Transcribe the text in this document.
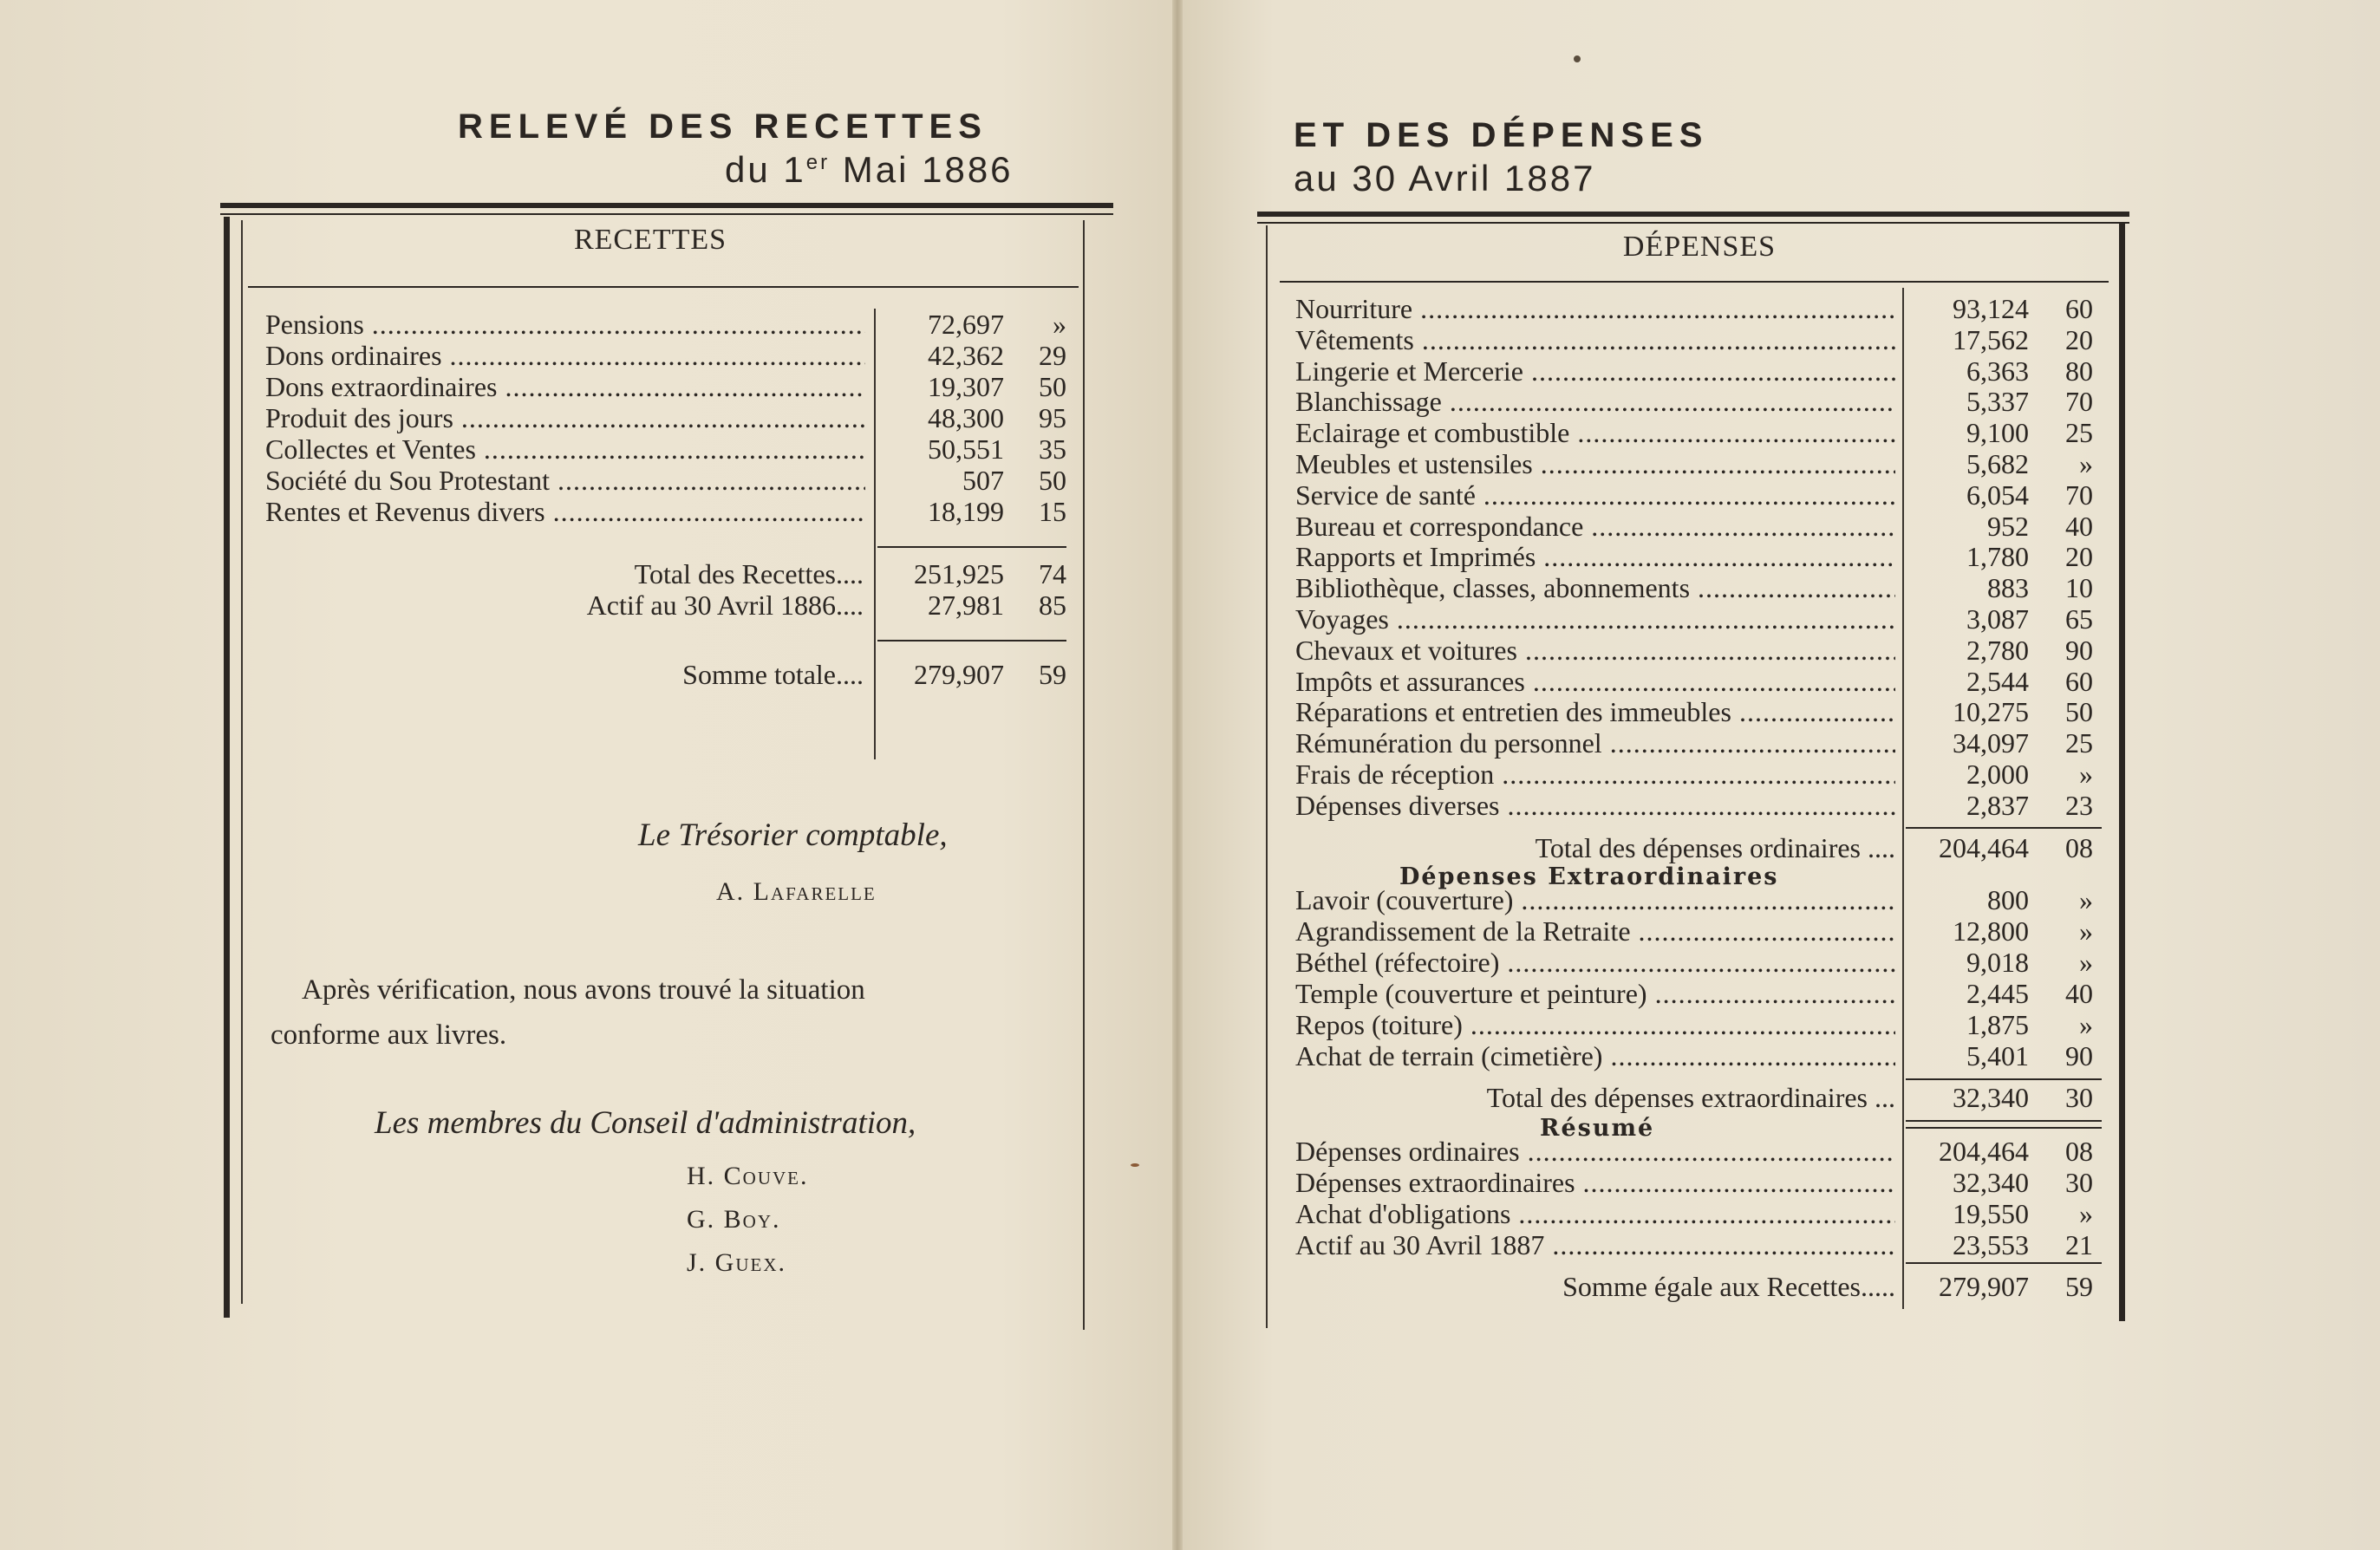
RELEVÉ DES RECETTES
du 1er Mai 1886
RECETTES
Pensions .....	72,697 »
Dons ordinaires .....	42,362 29
Dons extraordinaires .....	19,307 50
Produit des jours .....	48,300 95
Collectes et Ventes .....	50,551 35
Société du Sou Protestant .....	507 50
Rentes et Revenus divers .....	18,199 15
Total des Recettes.... 251,925 74
Actif au 30 Avril 1886.... 27,981 85
Somme totale.... 279,907 59
Le Trésorier comptable,
A. Lafarelle
Après vérification, nous avons trouvé la situation
conforme aux livres.
Les membres du Conseil d'administration,
H. Couve.
G. Boy.
J. Guex.
ET DES DÉPENSES
au 30 Avril 1887
DÉPENSES
Nourriture .....	93,124 60
Vêtements .....	17,562 20
Lingerie et Mercerie .....	6,363 80
Blanchissage .....	5,337 70
Eclairage et combustible .....	9,100 25
Meubles et ustensiles .....	5,682 »
Service de santé .....	6,054 70
Bureau et correspondance .....	952 40
Rapports et Imprimés .....	1,780 20
Bibliothèque, classes, abonnements .....	883 10
Voyages .....	3,087 65
Chevaux et voitures .....	2,780 90
Impôts et assurances .....	2,544 60
Réparations et entretien des immeubles .....	10,275 50
Rémunération du personnel .....	34,097 25
Frais de réception .....	2,000 »
Dépenses diverses .....	2,837 23
Total des dépenses ordinaires .... 204,464 08
Dépenses Extraordinaires
Lavoir (couverture) .....	800 »
Agrandissement de la Retraite .....	12,800 »
Béthel (réfectoire) .....	9,018 »
Temple (couverture et peinture) .....	2,445 40
Repos (toiture) .....	1,875 »
Achat de terrain (cimetière) .....	5,401 90
Total des dépenses extraordinaires ... 32,340 30
Résumé
Dépenses ordinaires .....	204,464 08
Dépenses extraordinaires .....	32,340 30
Achat d'obligations .....	19,550 »
Actif au 30 Avril 1887 .....	23,553 21
Somme égale aux Recettes..... 279,907 59
